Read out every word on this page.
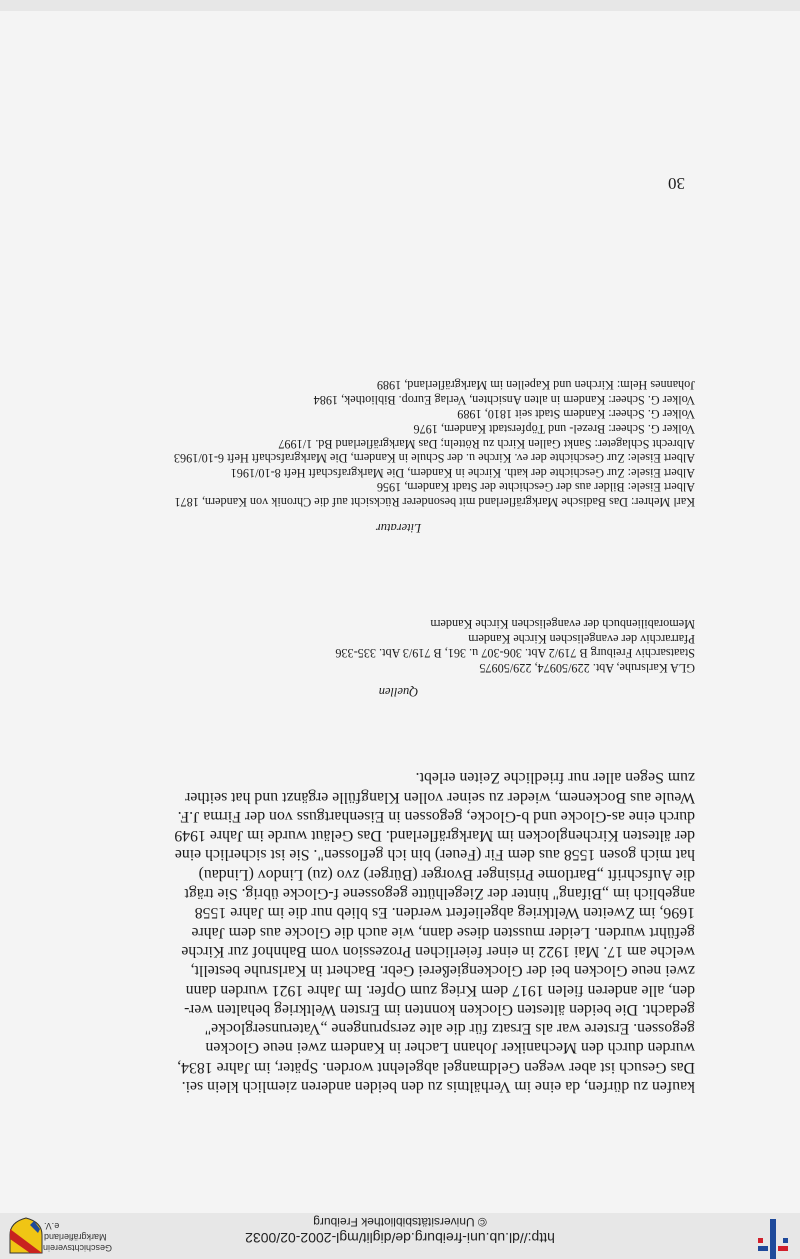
http://dl.ub.uni-freiburg.de/diglit/mgl-2002-02/0032
© Universitätsbibliothek Freiburg
Geschichtsverein
Markgräflerland e.V.
kaufen zu dürfen, da eine im Verhältnis zu den beiden anderen ziemlich klein sei.
Das Gesuch ist aber wegen Geldmangel abgelehnt worden. Später, im Jahre 1834,
wurden durch den Mechaniker Johann Lacher in Kandern zwei neue Glocken
gegossen. Erstere war als Ersatz für die alte zersprungene „Vaterunserglocke"
gedacht. Die beiden ältesten Glocken konnten im Ersten Weltkrieg behalten wer-
den, alle anderen fielen 1917 dem Krieg zum Opfer. Im Jahre 1921 wurden dann
zwei neue Glocken bei der Glockengießerei Gebr. Bachert in Karlsruhe bestellt,
welche am 17. Mai 1922 in einer feierlichen Prozession vom Bahnhof zur Kirche
geführt wurden. Leider mussten diese dann, wie auch die Glocke aus dem Jahre
1696, im Zweiten Weltkrieg abgeliefert werden. Es blieb nur die im Jahre 1558
angeblich im „Bifang" hinter der Ziegelhütte gegossene f-Glocke übrig. Sie trägt
die Aufschrift „Bartlome Prisinger Bvorger (Bürger) zvo (zu) Lindov (Lindau)
hat mich gosen 1558 aus dem Fir (Feuer) bin ich geflossen". Sie ist sicherlich eine
der ältesten Kirchenglocken im Markgräflerland. Das Geläut wurde im Jahre 1949
durch eine as-Glocke und b-Glocke, gegossen in Eisenhartguss von der Firma J.F.
Weule aus Bockenem, wieder zu seiner vollen Klangfülle ergänzt und hat seither
zum Segen aller nur friedliche Zeiten erlebt.
Quellen
GLA Karlsruhe, Abt. 229/50974, 229/50975
Staatsarchiv Freiburg B 719/2 Abt. 306-307 u. 361, B 719/3 Abt. 335-336
Pfarrarchiv der evangelischen Kirche Kandern
Memorabilienbuch der evangelischen Kirche Kandern
Literatur
Karl Mehrer: Das Badische Markgräflerland mit besonderer Rücksicht auf die Chronik von Kandern, 1871
Albert Eisele: Bilder aus der Geschichte der Stadt Kandern, 1956
Albert Eisele: Zur Geschichte der kath. Kirche in Kandern, Die Markgrafschaft Heft 8-10/1961
Albert Eisele: Zur Geschichte der ev. Kirche u. der Schule in Kandern, Die Markgrafschaft Heft 6-10/1963
Albrecht Schlageter: Sankt Gallen Kirch zu Rötteln; Das Markgräflerland Bd. 1/1997
Volker G. Scheer: Brezel- und Töpferstadt Kandern, 1976
Volker G. Scheer: Kandern Stadt seit 1810, 1989
Volker G. Scheer: Kandern in alten Ansichten, Verlag Europ. Bibliothek, 1984
Johannes Helm: Kirchen und Kapellen im Markgräflerland, 1989
30
